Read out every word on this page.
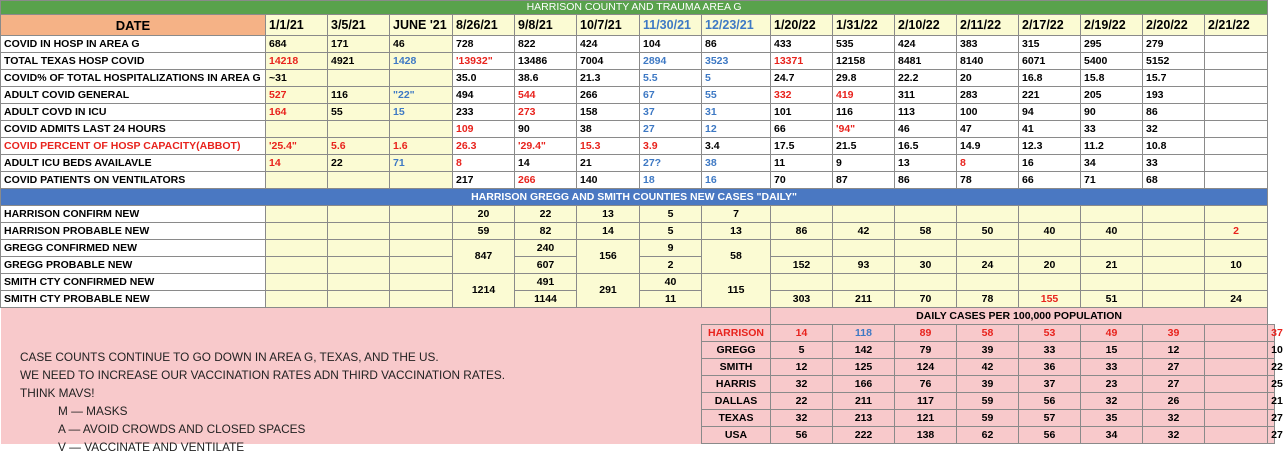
HARRISON COUNTY AND TRAUMA AREA G																	
DATE	1/1/21	3/5/21	JUNE '21	8/26/21	9/8/21	10/7/21	11/30/21	12/23/21	1/20/22	1/31/22	2/10/22	2/11/22	2/17/22	2/19/22	2/20/22	2/21/22	
COVID IN HOSP IN AREA G	684	171	46	728	822	424	104	86	433	535	424	383	315	295	279		
TOTAL TEXAS HOSP COVID	14218	4921	1428	'13932"	13486	7004	2894	3523	13371	12158	8481	8140	6071	5400	5152		
COVID% OF TOTAL HOSPITALIZATIONS IN AREA G	~31			35.0	38.6	21.3	5.5	5	24.7	29.8	22.2	20	16.8	15.8	15.7		
ADULT COVID GENERAL	527	116	"22"	494	544	266	67	55	332	419	311	283	221	205	193		
ADULT COVD IN ICU	164	55	15	233	273	158	37	31	101	116	113	100	94	90	86		
COVID ADMITS LAST 24 HOURS				109	90	38	27	12	66	'94"	46	47	41	33	32		
COVID PERCENT OF HOSP CAPACITY(ABBOT)	'25.4"	5.6	1.6	26.3	'29.4"	15.3	3.9	3.4	17.5	21.5	16.5	14.9	12.3	11.2	10.8		
ADULT ICU BEDS AVAILAVLE	14	22	71	8	14	21	27?	38	11	9	13	8	16	34	33		
COVID PATIENTS ON VENTILATORS				217	266	140	18	16	70	87	86	78	66	71	68		
HARRISON GREGG AND SMITH COUNTIES NEW CASES "DAILY"																	
HARRISON CONFIRM NEW				20	22	13	5	7									
HARRISON PROBABLE NEW				59	82	14	5	13	86	42	58	50	40	40		2	
GREGG CONFIRMED NEW				847	240	156	9	58									
GREGG PROBABLE NEW					607		2		152	93	30	24	20	21		10	
SMITH CTY CONFIRMED NEW				1214	491	291	40	115									
SMITH CTY PROBABLE NEW					1144		11		303	211	70	78	155	51		24	
									DAILY CASES PER 100,000 POPULATION								
								HARRISON	14	118	89	58	53	49	39		37
								GREGG	5	142	79	39	33	15	12		10
								SMITH	12	125	124	42	36	33	27		22
								HARRIS	32	166	76	39	37	23	27		25
								DALLAS	22	211	117	59	56	32	26		21
								TEXAS	32	213	121	59	57	35	32		27
								USA	56	222	138	62	56	34	32		27
CASE COUNTS CONTINUE TO GO DOWN IN AREA G, TEXAS, AND THE US.
WE NEED TO INCREASE OUR VACCINATION RATES ADN THIRD VACCINATION RATES.
THINK MAVS!
M — MASKS
A — AVOID CROWDS AND CLOSED SPACES
V — VACCINATE AND VENTILATE
